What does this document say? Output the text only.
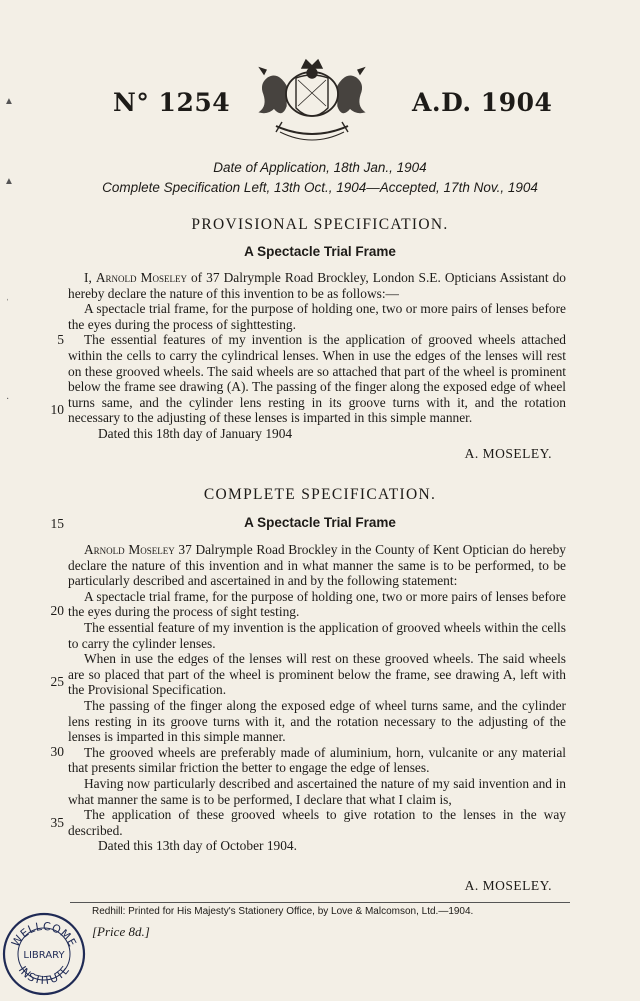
N° 1254	A.D. 1904
Date of Application, 18th Jan., 1904
Complete Specification Left, 13th Oct., 1904—Accepted, 17th Nov., 1904
PROVISIONAL SPECIFICATION.
A Spectacle Trial Frame

I, Arnold Moseley of 37 Dalrymple Road Brockley, London S.E. Opticians Assistant do hereby declare the nature of this invention to be as follows:—

A spectacle trial frame, for the purpose of holding one, two or more pairs of lenses before the eyes during the process of sighttesting.

The essential features of my invention is the application of grooved wheels attached within the cells to carry the cylindrical lenses. When in use the edges of the lenses will rest on these grooved wheels. The said wheels are so attached that part of the wheel is prominent below the frame see drawing (A). The passing of the finger along the exposed edge of wheel turns same, and the cylinder lens resting in its groove turns with it, and the rotation necessary to the adjusting of these lenses is imparted in this simple manner.

Dated this 18th day of January 1904

A. MOSELEY.
COMPLETE SPECIFICATION.
A Spectacle Trial Frame

Arnold Moseley 37 Dalrymple Road Brockley in the County of Kent Optician do hereby declare the nature of this invention and in what manner the same is to be performed, to be particularly described and ascertained in and by the following statement:

A spectacle trial frame, for the purpose of holding one, two or more pairs of lenses before the eyes during the process of sight testing.

The essential feature of my invention is the application of grooved wheels within the cells to carry the cylinder lenses.

When in use the edges of the lenses will rest on these grooved wheels. The said wheels are so placed that part of the wheel is prominent below the frame, see drawing A, left with the Provisional Specification.

The passing of the finger along the exposed edge of wheel turns same, and the cylinder lens resting in its groove turns with it, and the rotation necessary to the adjusting of the lenses is imparted in this simple manner.

The grooved wheels are preferably made of aluminium, horn, vulcanite or any material that presents similar friction the better to engage the edge of lenses.

Having now particularly described and ascertained the nature of my said invention and in what manner the same is to be performed, I declare that what I claim is,

The application of these grooved wheels to give rotation to the lenses in the way described.

Dated this 13th day of October 1904.

A. MOSELEY.
5
10
15
20
25
30
35
▲
▲
ˈ
·
Redhill: Printed for His Majesty's Stationery Office, by Love & Malcomson, Ltd.—1904.
[Price 8d.]
WELLCOME
INSTITUTE
LIBRARY
